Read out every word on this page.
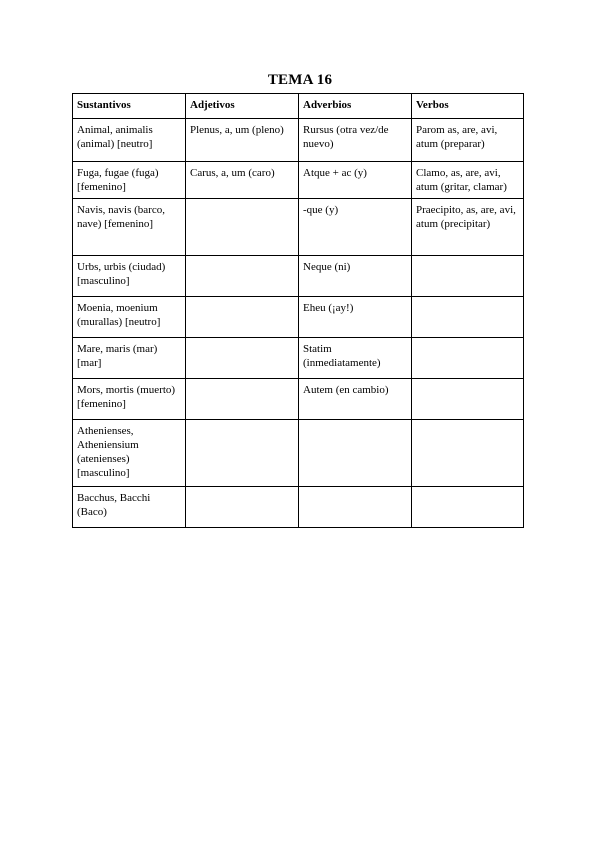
TEMA 16
Sustantivos	Adjetivos	Adverbios	Verbos
Animal, animalis (animal) [neutro]	Plenus, a, um (pleno)	Rursus (otra vez/de nuevo)	Parom as, are, avi, atum (preparar)
Fuga, fugae (fuga) [femenino]	Carus, a, um (caro)	Atque + ac (y)	Clamo, as, are, avi, atum (gritar, clamar)
Navis, navis (barco, nave) [femenino]		-que (y)	Praecipito, as, are, avi, atum (precipitar)
Urbs, urbis (ciudad) [masculino]		Neque (ni)	
Moenia, moenium (murallas) [neutro]		Eheu (¡ay!)	
Mare, maris (mar) [mar]		Statim (inmediatamente)	
Mors, mortis (muerto) [femenino]		Autem (en cambio)	
Athenienses, Atheniensium (atenienses) [masculino]			
Bacchus, Bacchi (Baco)			
